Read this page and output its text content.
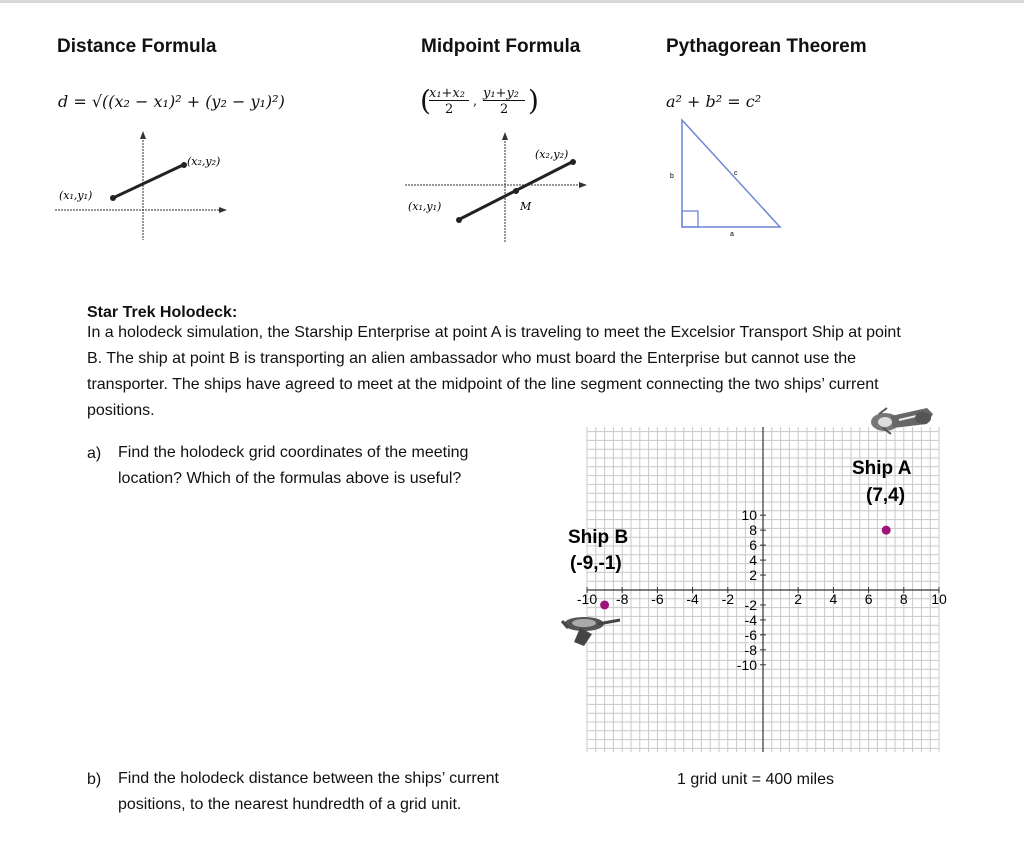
Distance Formula	Midpoint Formula	Pythagorean Theorem
d = √((x₂ − x₁)² + (y₂ − y₁)²)	(
x₁+x₂
2
,
y₁+y₂
2 )	a² + b² = c²
(x₁,y₁)
(x₂,y₂)
(x₁,y₁)
(x₂,y₂)
M
b	c
a
Star Trek Holodeck:
In a holodeck simulation, the Starship Enterprise at point A is traveling to meet the Excelsior Transport Ship at point
B. The ship at point B is transporting an alien ambassador who must board the Enterprise but cannot use the
transporter. The ships have agreed to meet at the midpoint of the line segment connecting the two ships’ current
positions.
a) Find the holodeck grid coordinates of the meeting
location? Which of the formulas above is useful?
b) Find the holodeck distance between the ships’ current
positions, to the nearest hundredth of a grid unit.
-10 -8 -6 -4 -2	2 4 6 8 10
10
8
6
4
2
-2
-4
-6
-8
-10
Ship A
(7,4)
Ship B
(-9,-1)
1 grid unit = 400 miles
